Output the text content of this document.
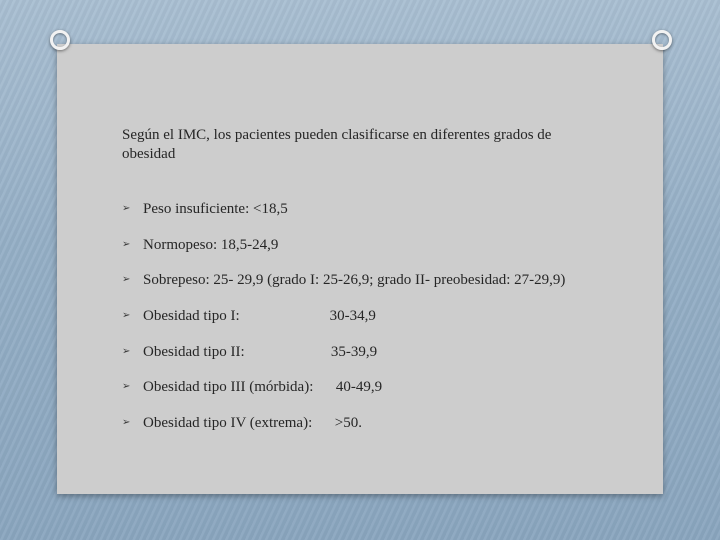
Según el IMC, los pacientes pueden clasificarse en diferentes grados de obesidad

➢ Peso insuficiente: <18,5
➢ Normopeso: 18,5-24,9
➢ Sobrepeso: 25- 29,9 (grado I: 25-26,9; grado II- preobesidad: 27-29,9)
➢ Obesidad tipo I:                        30-34,9
➢ Obesidad tipo II:                       35-39,9
➢ Obesidad tipo III (mórbida):      40-49,9
➢ Obesidad tipo IV (extrema):      >50.
